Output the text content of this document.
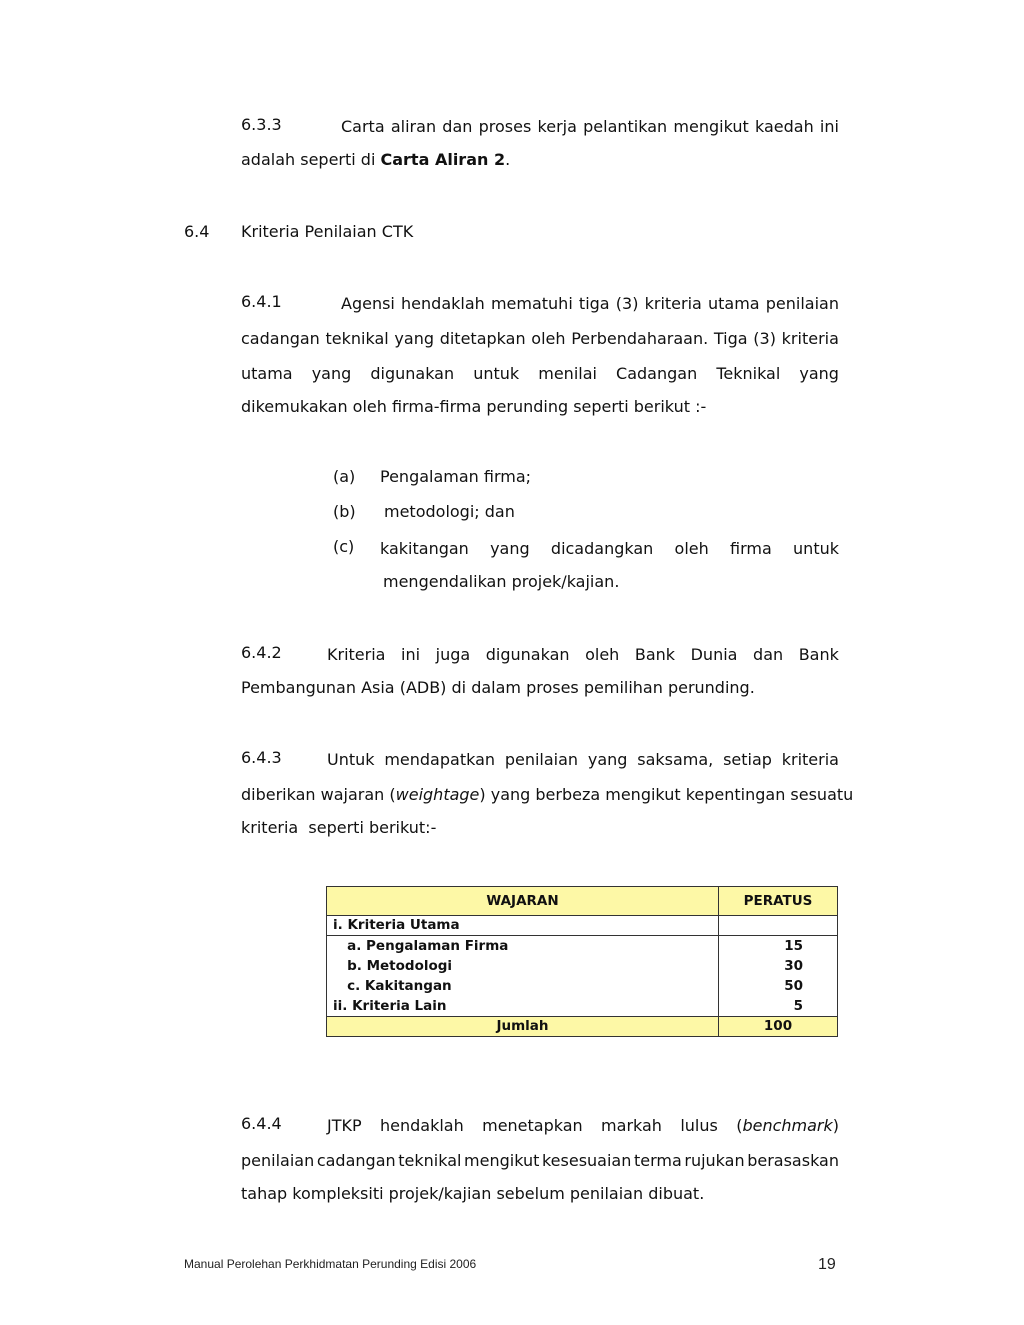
6.3.3	Carta aliran dan proses kerja pelantikan mengikut kaedah ini
adalah seperti di Carta Aliran 2.
6.4 Kriteria Penilaian CTK
6.4.1	Agensi hendaklah mematuhi tiga (3) kriteria utama penilaian
cadangan teknikal yang ditetapkan oleh Perbendaharaan. Tiga (3) kriteria
utama yang digunakan untuk menilai Cadangan Teknikal yang
dikemukakan oleh firma-firma perunding seperti berikut :-
(a) Pengalaman firma;
(b) metodologi; dan
(c) kakitangan yang dicadangkan oleh firma untuk
mengendalikan projek/kajian.
6.4.2	Kriteria ini juga digunakan oleh Bank Dunia dan Bank
Pembangunan Asia (ADB) di dalam proses pemilihan perunding.
6.4.3	Untuk mendapatkan penilaian yang saksama, setiap kriteria
diberikan wajaran (weightage) yang berbeza mengikut kepentingan sesuatu
kriteria  seperti berikut:-
WAJARAN	PERATUS
i. Kriteria Utama	
a. Pengalaman Firma	15
b. Metodologi	30
c. Kakitangan	50
ii. Kriteria Lain	5
Jumlah	100
6.4.4	JTKP hendaklah menetapkan markah lulus (benchmark)
penilaian cadangan teknikal mengikut kesesuaian terma rujukan berasaskan
tahap kompleksiti projek/kajian sebelum penilaian dibuat.
Manual Perolehan Perkhidmatan Perunding Edisi 2006	19
